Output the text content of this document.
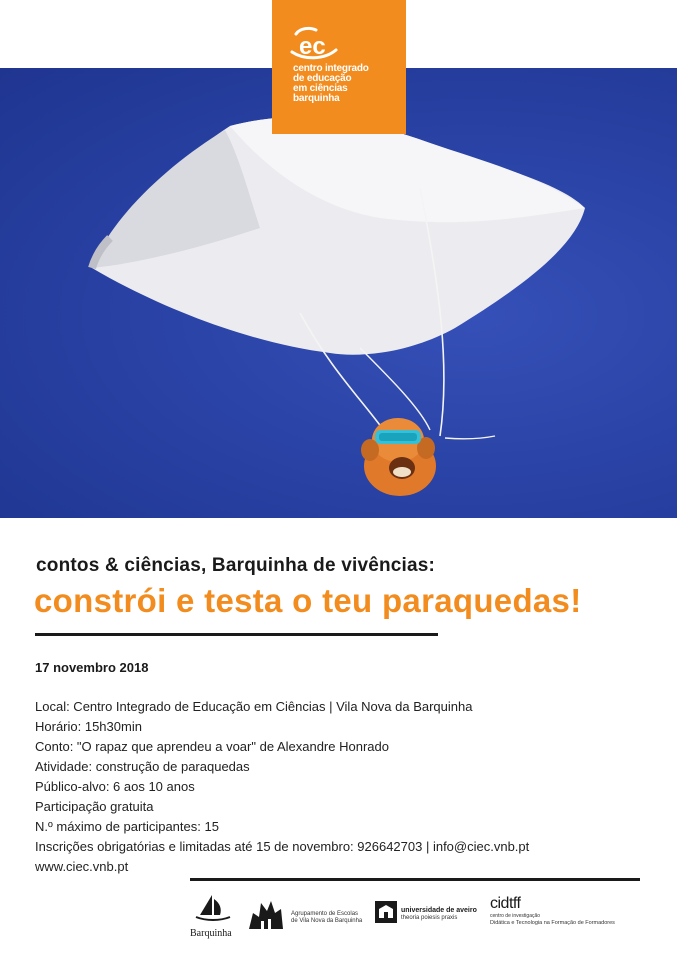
ec
centro integrado
de educação
em ciências
barquinha
contos & ciências, Barquinha de vivências:
constrói e testa o teu paraquedas!
17 novembro 2018
Local: Centro Integrado de Educação em Ciências | Vila Nova da Barquinha
Horário: 15h30min
Conto: "O rapaz que aprendeu a voar" de Alexandre Honrado
Atividade: construção de paraquedas
Público-alvo: 6 aos 10 anos
Participação gratuita
N.º máximo de participantes: 15
Inscrições obrigatórias e limitadas até 15 de novembro: 926642703 | info@ciec.vnb.pt
www.ciec.vnb.pt
Barquinha
Agrupamento de Escolas
de Vila Nova da Barquinha
universidade de aveiro
theoria poiesis praxis
cidtff
centro de investigação
Didática e Tecnologia na Formação de Formadores
